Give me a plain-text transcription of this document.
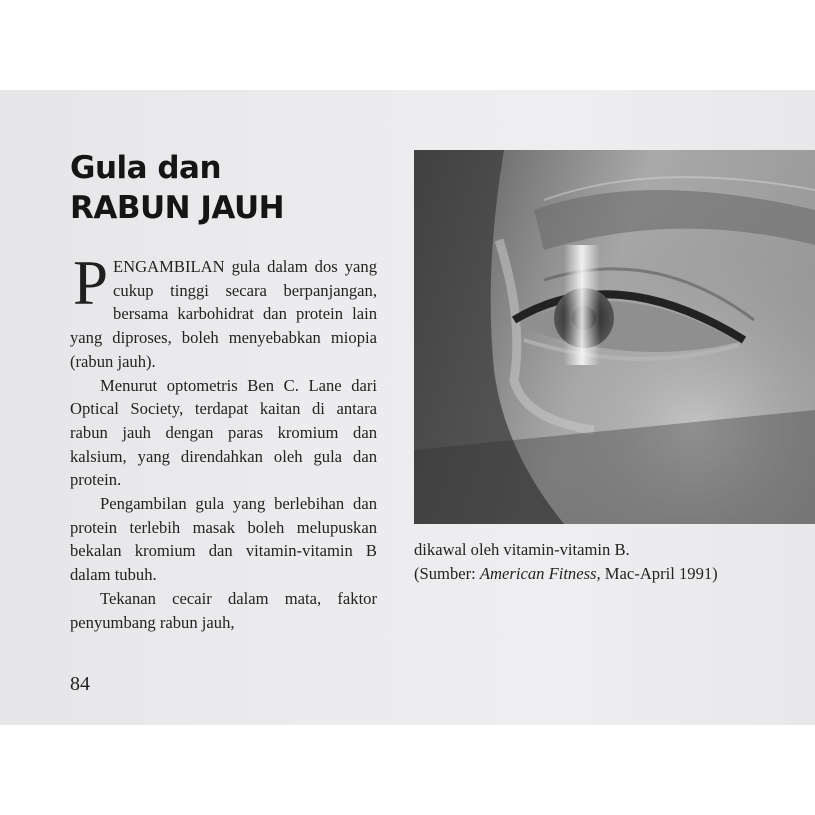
Gula dan
RABUN JAUH

PENGAMBILAN gula dalam dos yang cukup tinggi secara berpanjangan, bersama karbohidrat dan protein lain yang diproses, boleh menyebabkan miopia (rabun jauh).

Menurut optometris Ben C. Lane dari Optical Society, terdapat kaitan di antara rabun jauh dengan paras kromium dan kalsium, yang direndahkan oleh gula dan protein.

Pengambilan gula yang berlebihan dan protein terlebih masak boleh melupuskan bekalan kromium dan vitamin-vitamin B dalam tubuh.

Tekanan cecair dalam mata, faktor penyumbang rabun jauh,

dikawal oleh vitamin-vitamin B.

(Sumber: American Fitness, Mac-April 1991)

84
